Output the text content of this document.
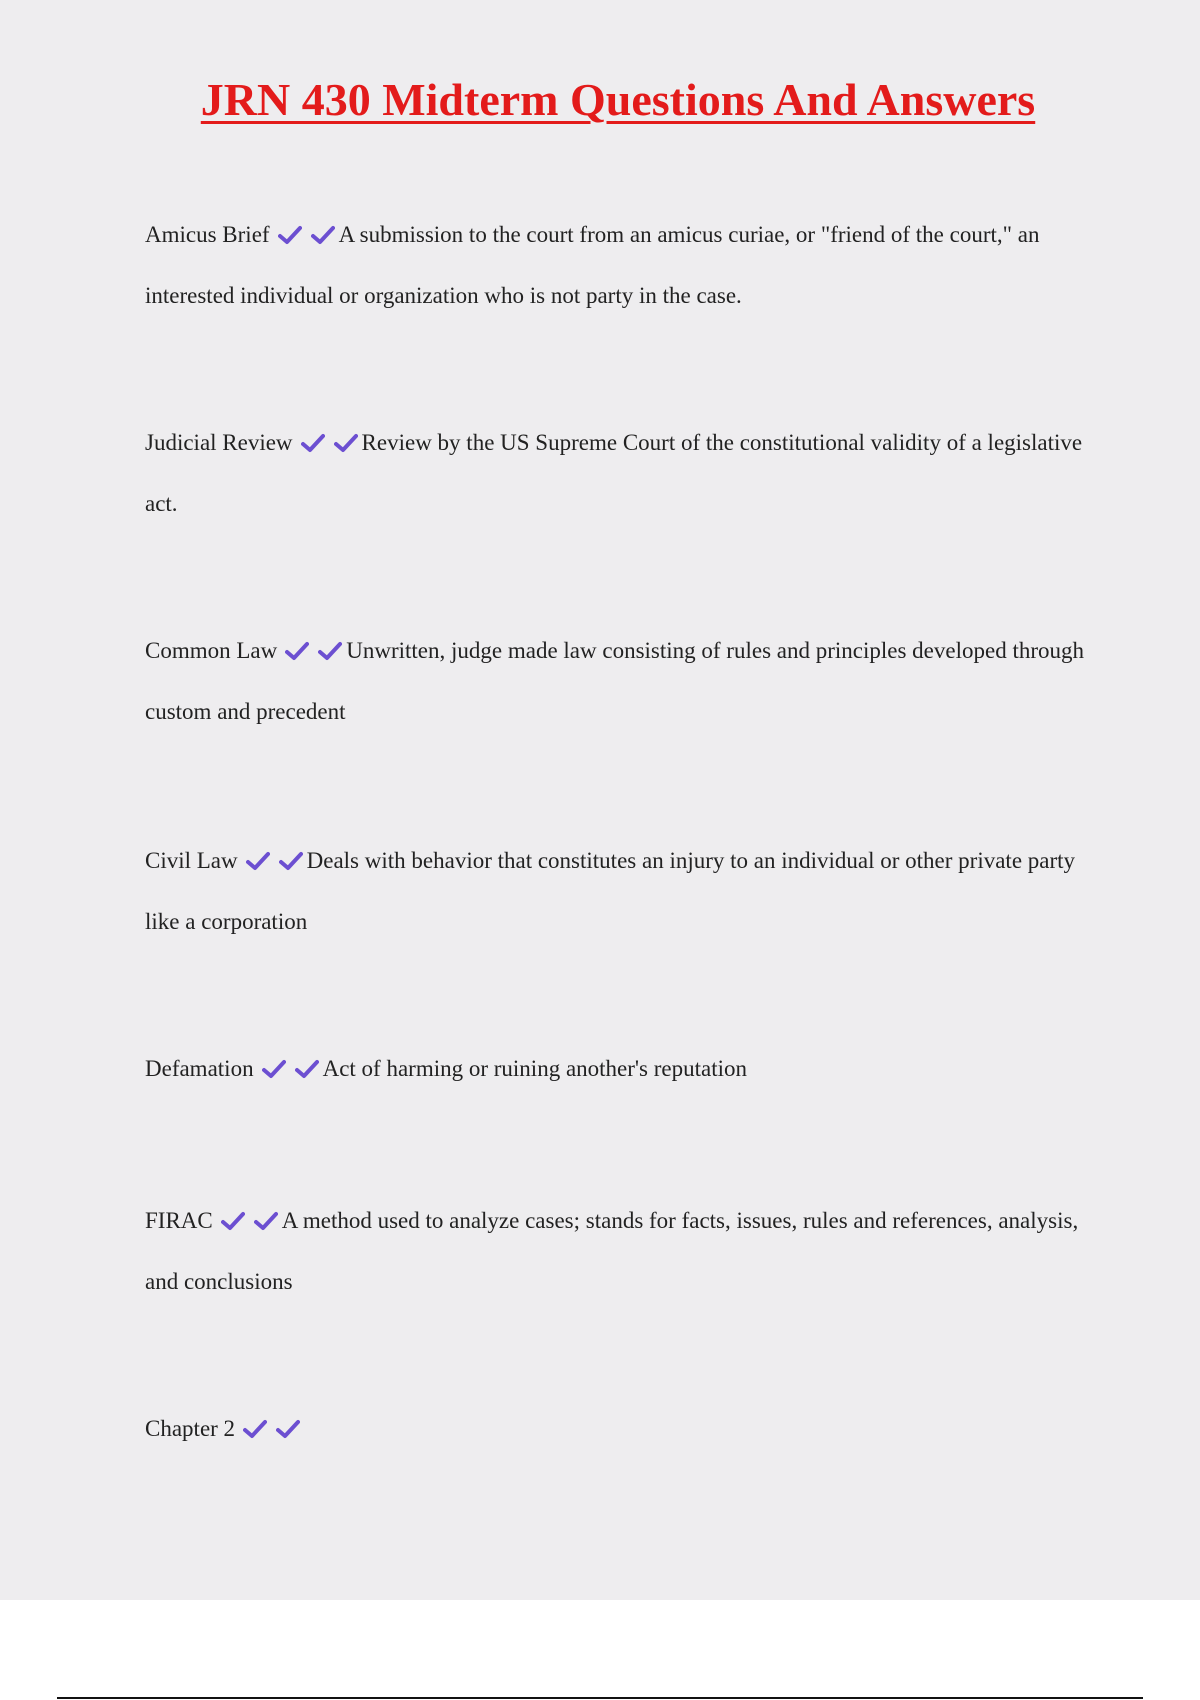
JRN 430 Midterm Questions And Answers
Amicus Brief	A submission to the court from an amicus curiae, or "friend of the court," an interested individual or organization who is not party in the case.
Judicial Review	Review by the US Supreme Court of the constitutional validity of a legislative act.
Common Law	Unwritten, judge made law consisting of rules and principles developed through custom and precedent
Civil Law	Deals with behavior that constitutes an injury to an individual or other private party like a corporation
Defamation	Act of harming or ruining another's reputation
FIRAC	A method used to analyze cases; stands for facts, issues, rules and references, analysis, and conclusions
Chapter 2
